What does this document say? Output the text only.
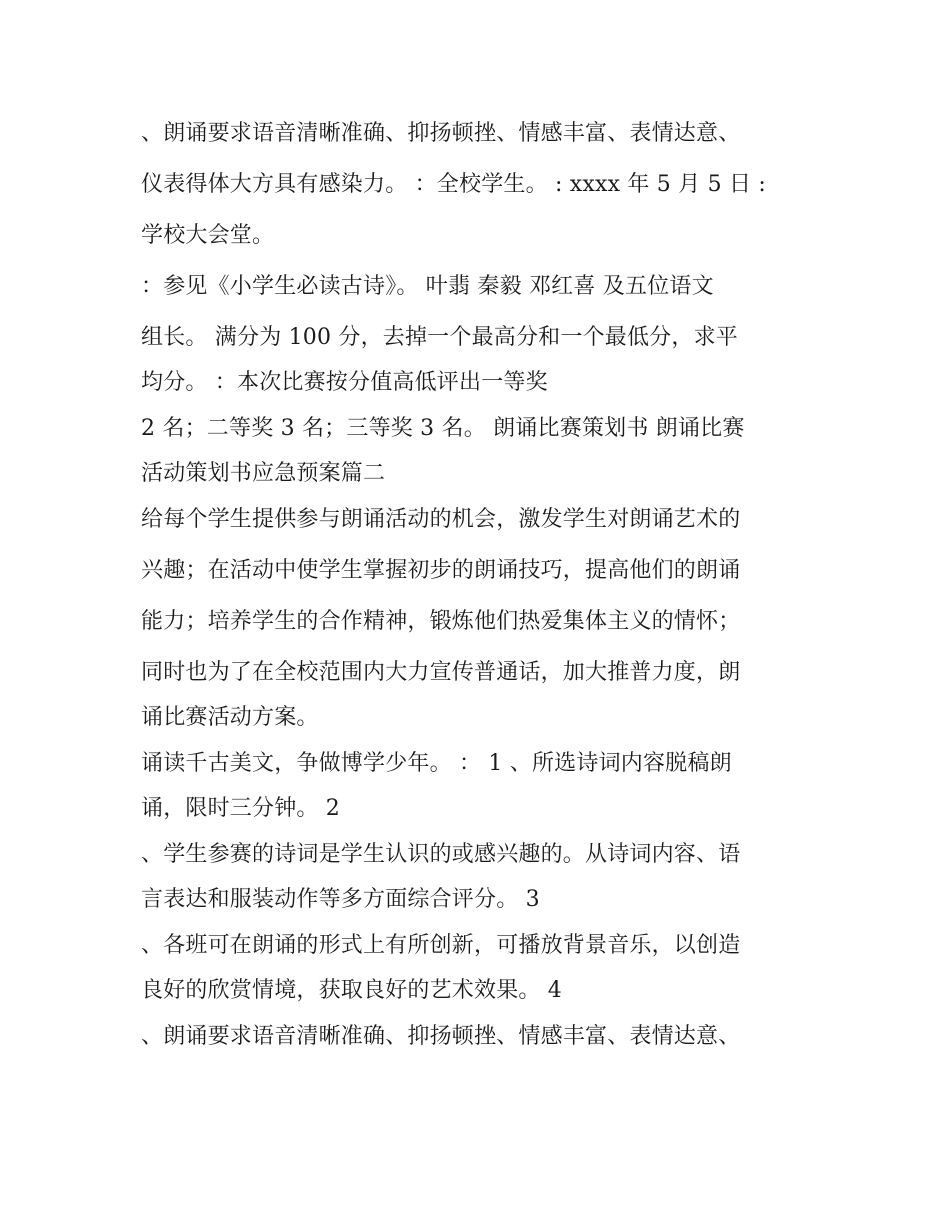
、朗诵要求语音清晰准确、抑扬顿挫、情感丰富、表情达意、
仪表得体大方具有感染力。 ：全校学生。 : xxxx 年 5 月 5 日 :
学校大会堂。
：参见《小学生必读古诗》。 叶翡 秦毅 邓红喜 及五位语文
组长。 满分为 100 分，去掉一个最高分和一个最低分，求平
均分。 ：本次比赛按分值高低评出一等奖
2 名；二等奖 3 名；三等奖 3 名。 朗诵比赛策划书 朗诵比赛
活动策划书应急预案篇二
给每个学生提供参与朗诵活动的机会，激发学生对朗诵艺术的
兴趣；在活动中使学生掌握初步的朗诵技巧，提高他们的朗诵
能力；培养学生的合作精神，锻炼他们热爱集体主义的情怀；
同时也为了在全校范围内大力宣传普通话，加大推普力度，朗
诵比赛活动方案。
诵读千古美文，争做博学少年。 ： 1 、所选诗词内容脱稿朗
诵，限时三分钟。 2
、学生参赛的诗词是学生认识的或感兴趣的。从诗词内容、语
言表达和服装动作等多方面综合评分。 3
、各班可在朗诵的形式上有所创新，可播放背景音乐，以创造
良好的欣赏情境，获取良好的艺术效果。 4
、朗诵要求语音清晰准确、抑扬顿挫、情感丰富、表情达意、
